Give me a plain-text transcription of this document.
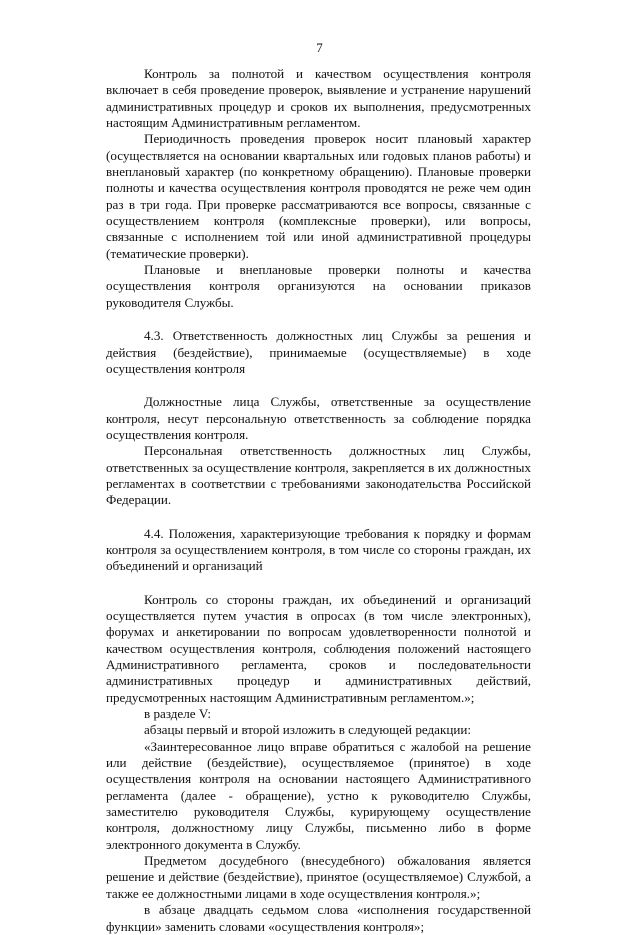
7

Контроль за полнотой и качеством осуществления контроля включает в себя проведение проверок, выявление и устранение нарушений административных процедур и сроков их выполнения, предусмотренных настоящим Административным регламентом.

Периодичность проведения проверок носит плановый характер (осуществляется на основании квартальных или годовых планов работы) и внеплановый характер (по конкретному обращению). Плановые проверки полноты и качества осуществления контроля проводятся не реже чем один раз в три года. При проверке рассматриваются все вопросы, связанные с осуществлением контроля (комплексные проверки), или вопросы, связанные с исполнением той или иной административной процедуры (тематические проверки).

Плановые и внеплановые проверки полноты и качества осуществления контроля организуются на основании приказов руководителя Службы.

4.3. Ответственность должностных лиц Службы за решения и действия (бездействие), принимаемые (осуществляемые) в ходе осуществления контроля

Должностные лица Службы, ответственные за осуществление контроля, несут персональную ответственность за соблюдение порядка осуществления контроля.

Персональная ответственность должностных лиц Службы, ответственных за осуществление контроля, закрепляется в их должностных регламентах в соответствии с требованиями законодательства Российской Федерации.

4.4. Положения, характеризующие требования к порядку и формам контроля за осуществлением контроля, в том числе со стороны граждан, их объединений и организаций

Контроль со стороны граждан, их объединений и организаций осуществляется путем участия в опросах (в том числе электронных), форумах и анкетировании по вопросам удовлетворенности полнотой и качеством осуществления контроля, соблюдения положений настоящего Административного регламента, сроков и последовательности административных процедур и административных действий, предусмотренных настоящим Административным регламентом.»;

в разделе V:

абзацы первый и второй изложить в следующей редакции:

«Заинтересованное лицо вправе обратиться с жалобой на решение или действие (бездействие), осуществляемое (принятое) в ходе осуществления контроля на основании настоящего Административного регламента (далее - обращение), устно к руководителю Службы, заместителю руководителя Службы, курирующему осуществление контроля, должностному лицу Службы, письменно либо в форме электронного документа в Службу.

Предметом досудебного (внесудебного) обжалования является решение и действие (бездействие), принятое (осуществляемое) Службой, а также ее должностными лицами в ходе осуществления контроля.»;

в абзаце двадцать седьмом слова «исполнения государственной функции» заменить словами «осуществления контроля»;
